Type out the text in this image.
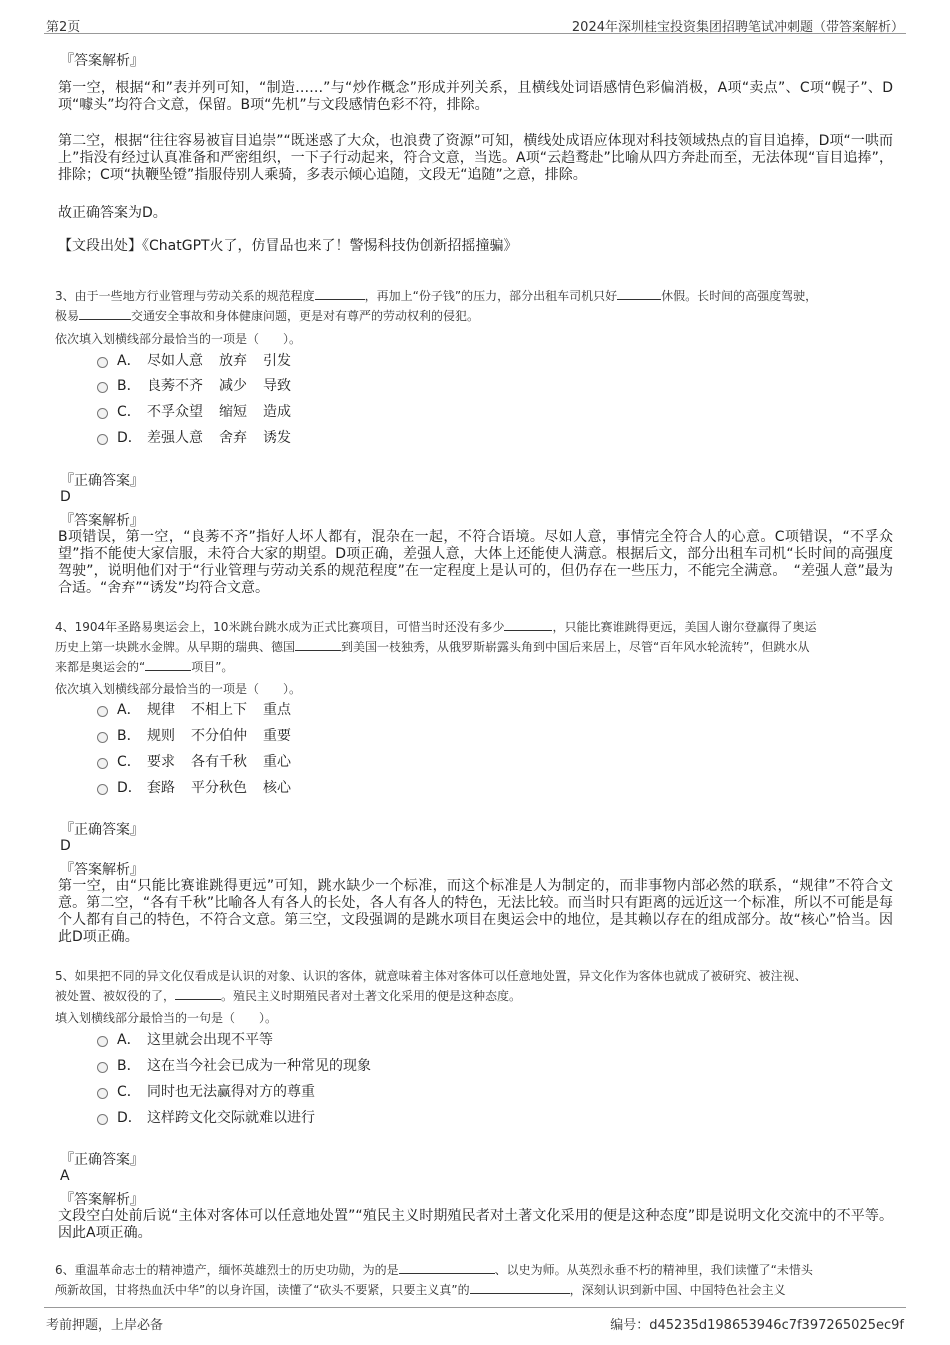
第2页	2024年深圳桂宝投资集团招聘笔试冲刺题（带答案解析）
『答案解析』
第一空，根据“和”表并列可知，“制造……”与“炒作概念”形成并列关系，且横线处词语感情色彩偏消极，A项“卖点”、C项“幌子”、D项“噱头”均符合文意，保留。B项“先机”与文段感情色彩不符，排除。
第二空，根据“往往容易被盲目追崇”“既迷惑了大众，也浪费了资源”可知，横线处成语应体现对科技领域热点的盲目追捧，D项“一哄而上”指没有经过认真准备和严密组织，一下子行动起来，符合文意，当选。A项“云趋鹜赴”比喻从四方奔赴而至，无法体现“盲目追捧”，排除；C项“执鞭坠镫”指服侍别人乘骑，多表示倾心追随，文段无“追随”之意，排除。
故正确答案为D。
【文段出处】《ChatGPT火了，仿冒品也来了！警惕科技伪创新招摇撞骗》
3、由于一些地方行业管理与劳动关系的规范程度	，再加上“份子钱”的压力，部分出租车司机只好	休假。长时间的高强度驾驶，
极易	交通安全事故和身体健康问题，更是对有尊严的劳动权利的侵犯。
依次填入划横线部分最恰当的一项是（　　）。
A． 尽如人意 放弃 引发
B． 良莠不齐 减少 导致
C． 不孚众望 缩短 造成
D． 差强人意 舍弃 诱发
『正确答案』
D
『答案解析』
B项错误，第一空，“良莠不齐”指好人坏人都有，混杂在一起，不符合语境。尽如人意，事情完全符合人的心意。C项错误，“不孚众望”指不能使大家信服，未符合大家的期望。D项正确，差强人意，大体上还能使人满意。根据后文，部分出租车司机“长时间的高强度驾驶”，说明他们对于“行业管理与劳动关系的规范程度”在一定程度上是认可的，但仍存在一些压力，不能完全满意。　“差强人意”最为合适。“舍弃”“诱发”均符合文意。
4、1904年圣路易奥运会上，10米跳台跳水成为正式比赛项目，可惜当时还没有多少	，只能比赛谁跳得更远，美国人谢尔登赢得了奥运
历史上第一块跳水金牌。从早期的瑞典、德国	到美国一枝独秀，从俄罗斯崭露头角到中国后来居上，尽管“百年风水轮流转”，但跳水从
来都是奥运会的“	项目”。
依次填入划横线部分最恰当的一项是（　　）。
A． 规律 不相上下 重点
B． 规则 不分伯仲 重要
C． 要求 各有千秋 重心
D． 套路 平分秋色 核心
『正确答案』
D
『答案解析』
第一空，由“只能比赛谁跳得更远”可知，跳水缺少一个标准，而这个标准是人为制定的，而非事物内部必然的联系，“规律”不符合文意。第二空，“各有千秋”比喻各人有各人的长处，各人有各人的特色，无法比较。而当时只有距离的远近这一个标准，所以不可能是每个人都有自己的特色，不符合文意。第三空，文段强调的是跳水项目在奥运会中的地位，是其赖以存在的组成部分。故“核心”恰当。因此D项正确。
5、如果把不同的异文化仅看成是认识的对象、认识的客体，就意味着主体对客体可以任意地处置，异文化作为客体也就成了被研究、被注视、
被处置、被奴役的了，	。殖民主义时期殖民者对土著文化采用的便是这种态度。
填入划横线部分最恰当的一句是（　　）。
A． 这里就会出现不平等
B． 这在当今社会已成为一种常见的现象
C． 同时也无法赢得对方的尊重
D． 这样跨文化交际就难以进行
『正确答案』
A
『答案解析』
文段空白处前后说“主体对客体可以任意地处置”“殖民主义时期殖民者对土著文化采用的便是这种态度”即是说明文化交流中的不平等。因此A项正确。
6、重温革命志士的精神遗产，缅怀英雄烈士的历史功勋，为的是	、以史为师。从英烈永垂不朽的精神里，我们读懂了“未惜头
颅新故国，甘将热血沃中华”的以身许国，读懂了“砍头不要紧，只要主义真”的	，深刻认识到新中国、中国特色社会主义
考前押题，上岸必备	编号：d45235d198653946c7f397265025ec9f
